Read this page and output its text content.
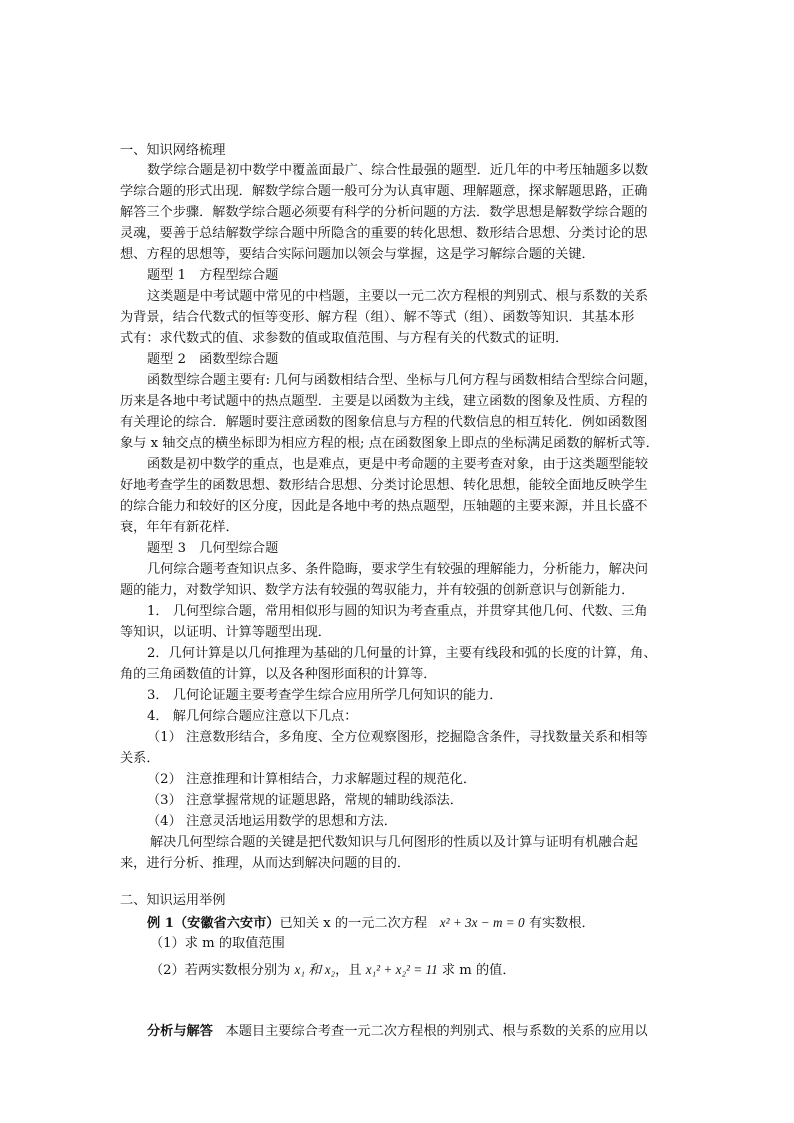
一、知识网络梳理
数学综合题是初中数学中覆盖面最广、综合性最强的题型．近几年的中考压轴题多以数
学综合题的形式出现．解数学综合题一般可分为认真审题、理解题意，探求解题思路，正确
解答三个步骤．解数学综合题必须要有科学的分析问题的方法．数学思想是解数学综合题的
灵魂，要善于总结解数学综合题中所隐含的重要的转化思想、数形结合思想、分类讨论的思
想、方程的思想等，要结合实际问题加以领会与掌握，这是学习解综合题的关键．
题型 1　方程型综合题
这类题是中考试题中常见的中档题，主要以一元二次方程根的判别式、根与系数的关系
为背景，结合代数式的恒等变形、解方程（组）、解不等式（组）、函数等知识．其基本形
式有：求代数式的值、求参数的值或取值范围、与方程有关的代数式的证明．
题型 2　函数型综合题
函数型综合题主要有: 几何与函数相结合型、坐标与几何方程与函数相结合型综合问题，
历来是各地中考试题中的热点题型．主要是以函数为主线，建立函数的图象及性质、方程的
有关理论的综合．解题时要注意函数的图象信息与方程的代数信息的相互转化．例如函数图
象与 x 轴交点的横坐标即为相应方程的根; 点在函数图象上即点的坐标满足函数的解析式等．
函数是初中数学的重点，也是难点，更是中考命题的主要考查对象，由于这类题型能较
好地考查学生的函数思想、数形结合思想、分类讨论思想、转化思想，能较全面地反映学生
的综合能力和较好的区分度，因此是各地中考的热点题型，压轴题的主要来源，并且长盛不
衰，年年有新花样．
题型 3　几何型综合题
几何综合题考查知识点多、条件隐晦，要求学生有较强的理解能力，分析能力，解决问
题的能力，对数学知识、数学方法有较强的驾驭能力，并有较强的创新意识与创新能力．
1． 几何型综合题，常用相似形与圆的知识为考查重点，并贯穿其他几何、代数、三角
等知识，以证明、计算等题型出现．
2．几何计算是以几何推理为基础的几何量的计算，主要有线段和弧的长度的计算，角、
角的三角函数值的计算，以及各种图形面积的计算等．
3． 几何论证题主要考查学生综合应用所学几何知识的能力．
4． 解几何综合题应注意以下几点：
（1） 注意数形结合，多角度、全方位观察图形，挖掘隐含条件，寻找数量关系和相等
关系．
（2） 注意推理和计算相结合，力求解题过程的规范化．
（3） 注意掌握常规的证题思路，常规的辅助线添法．
（4） 注意灵活地运用数学的思想和方法．
解决几何型综合题的关键是把代数知识与几何图形的性质以及计算与证明有机融合起
来，进行分析、推理，从而达到解决问题的目的．
二、知识运用举例
例 1（安徽省六安市）已知关 x 的一元二次方程 x² + 3x − m = 0 有实数根．
（1）求 m 的取值范围
（2）若两实数根分别为 x₁ 和 x₂，且 x₁² + x₂² = 11 求 m 的值．
分析与解答 本题目主要综合考查一元二次方程根的判别式、根与系数的关系的应用以
